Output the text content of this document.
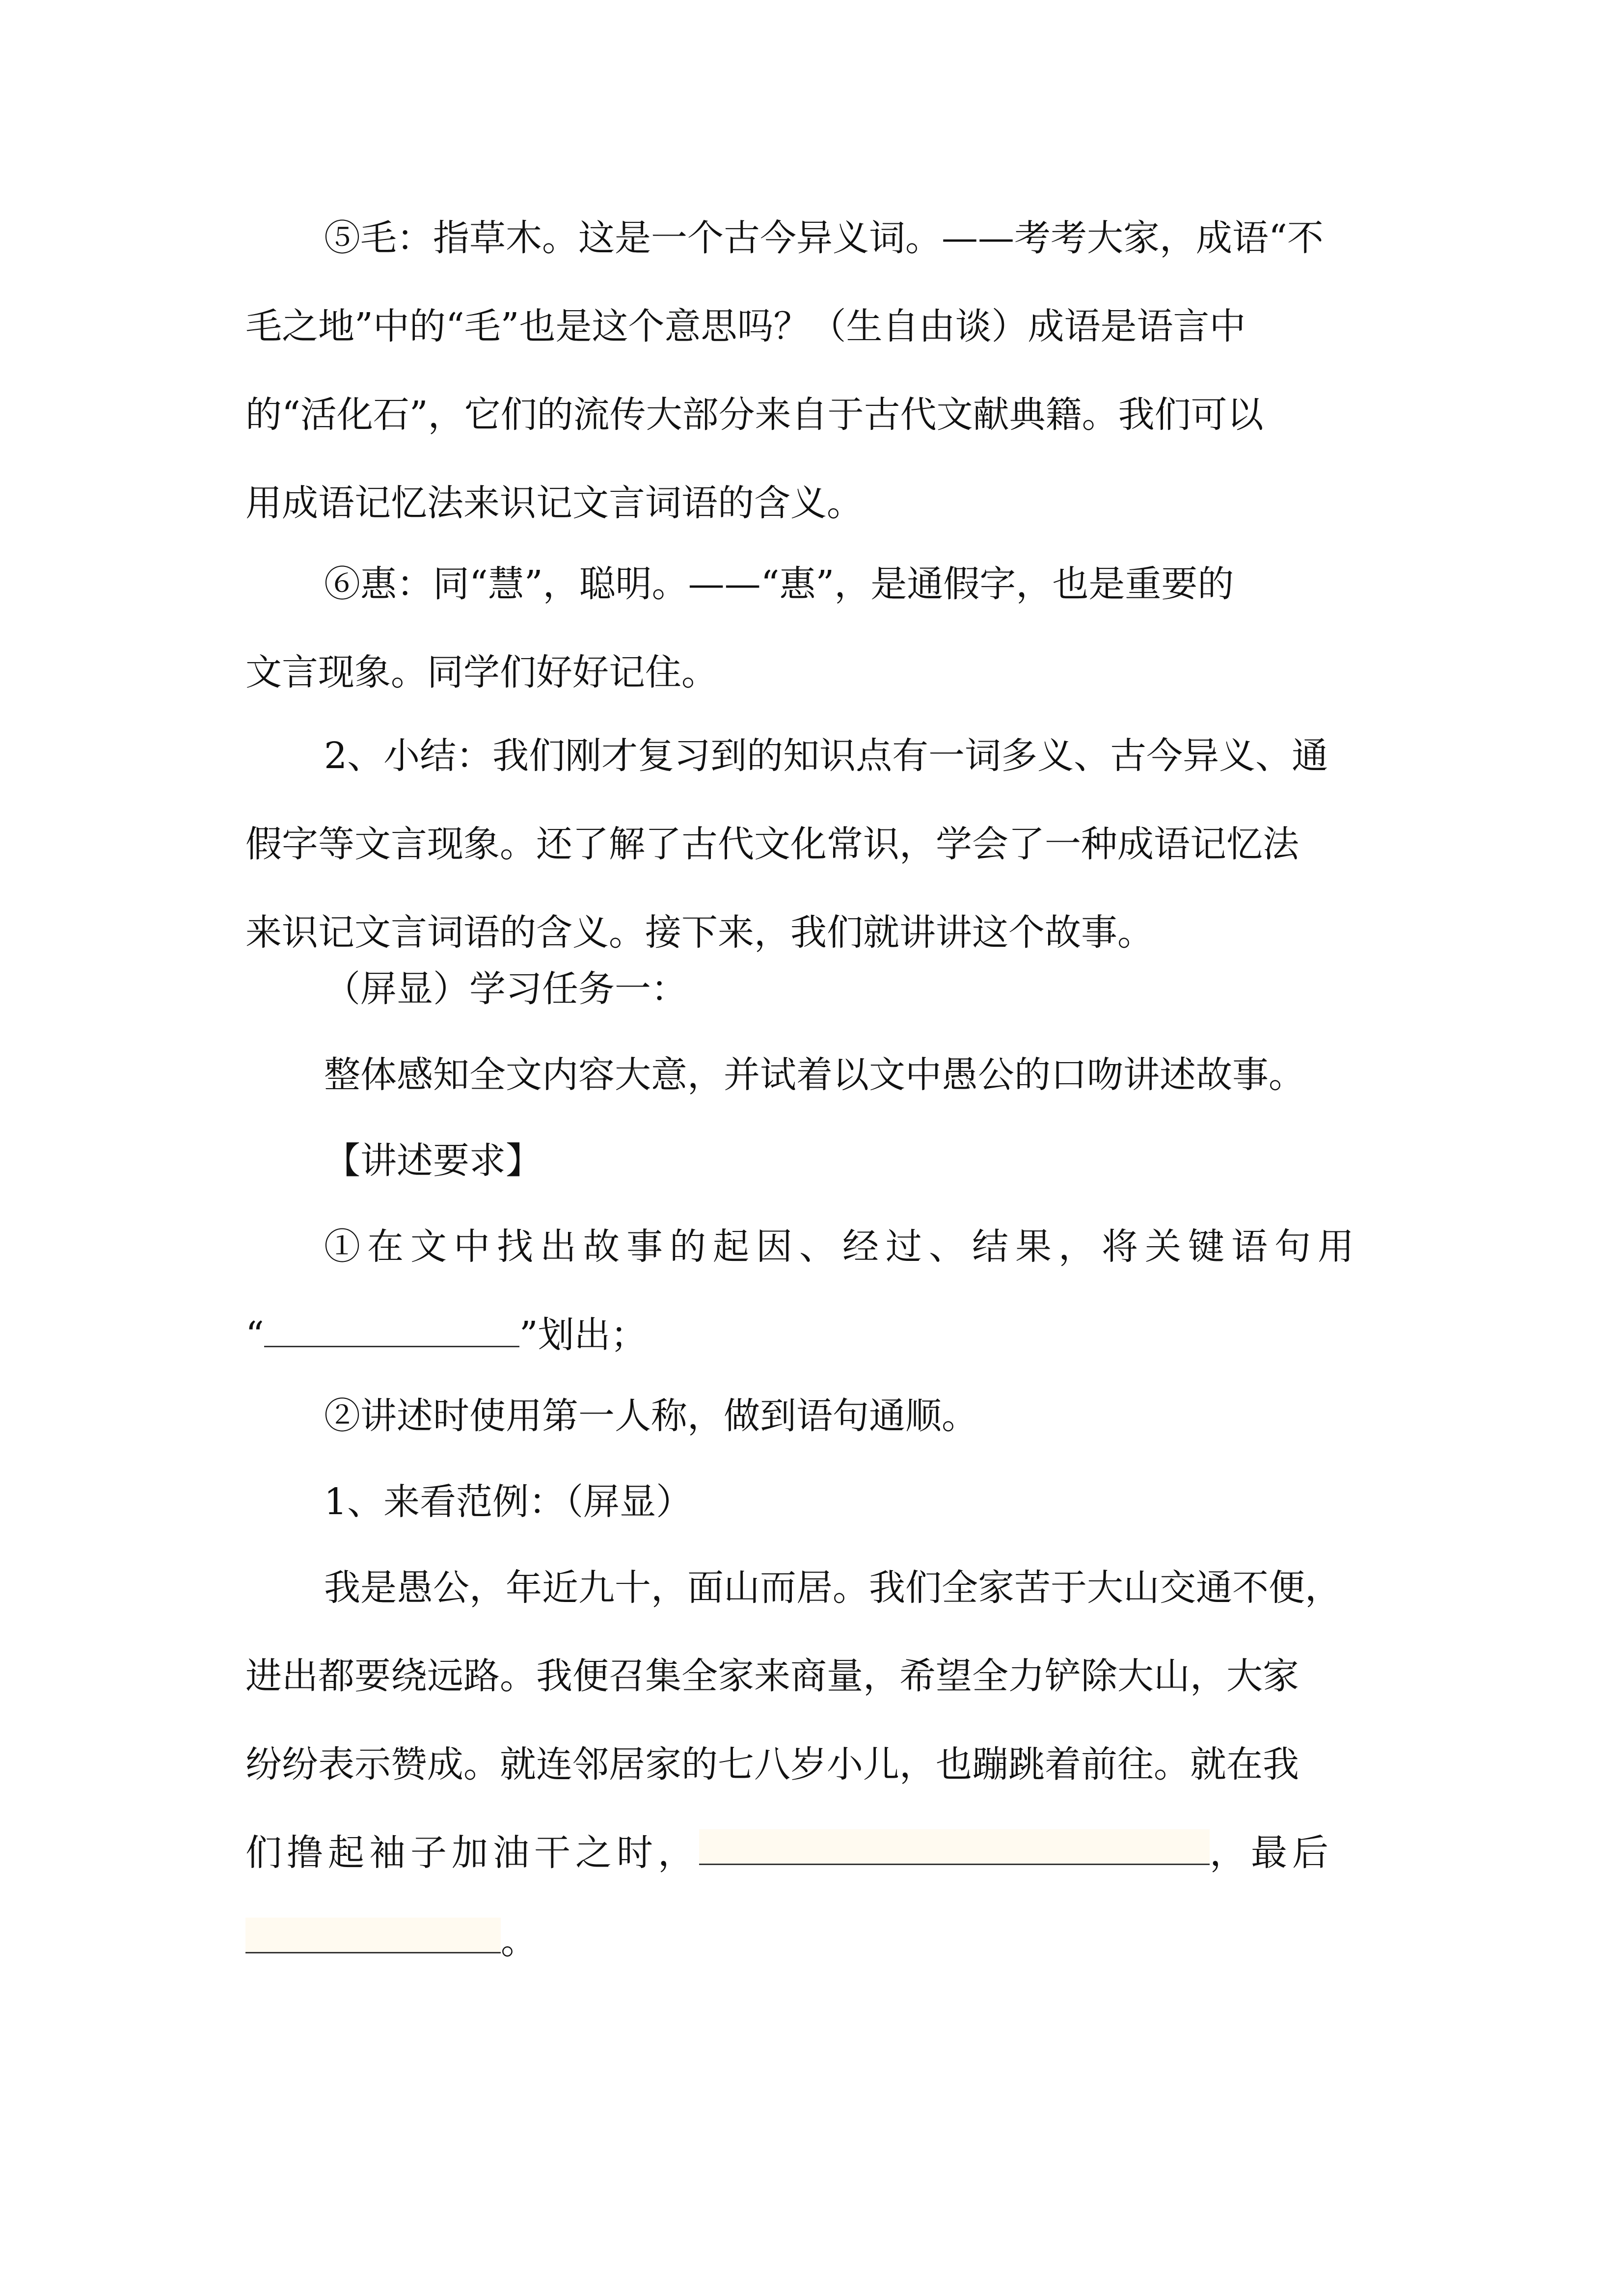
⑤毛：指草木。这是一个古今异义词。——考考大家，成语“不
毛之地”中的“毛”也是这个意思吗？（生自由谈）成语是语言中
的“活化石”，它们的流传大部分来自于古代文献典籍。我们可以
用成语记忆法来识记文言词语的含义。
⑥惠：同“慧”，聪明。——“惠”，是通假字，也是重要的
文言现象。同学们好好记住。
2、小结：我们刚才复习到的知识点有一词多义、古今异义、通
假字等文言现象。还了解了古代文化常识，学会了一种成语记忆法
来识记文言词语的含义。接下来，我们就讲讲这个故事。
（屏显）学习任务一：
整体感知全文内容大意，并试着以文中愚公的口吻讲述故事。
【讲述要求】
①在文中找出故事的起因、经过、结果，将关键语句用
“	”划出；
②讲述时使用第一人称，做到语句通顺。
1、来看范例：（屏显）
我是愚公，年近九十，面山而居。我们全家苦于大山交通不便，
进出都要绕远路。我便召集全家来商量，希望全力铲除大山，大家
纷纷表示赞成。就连邻居家的七八岁小儿，也蹦跳着前往。就在我
们撸起袖子加油干之时，	，最后
。
